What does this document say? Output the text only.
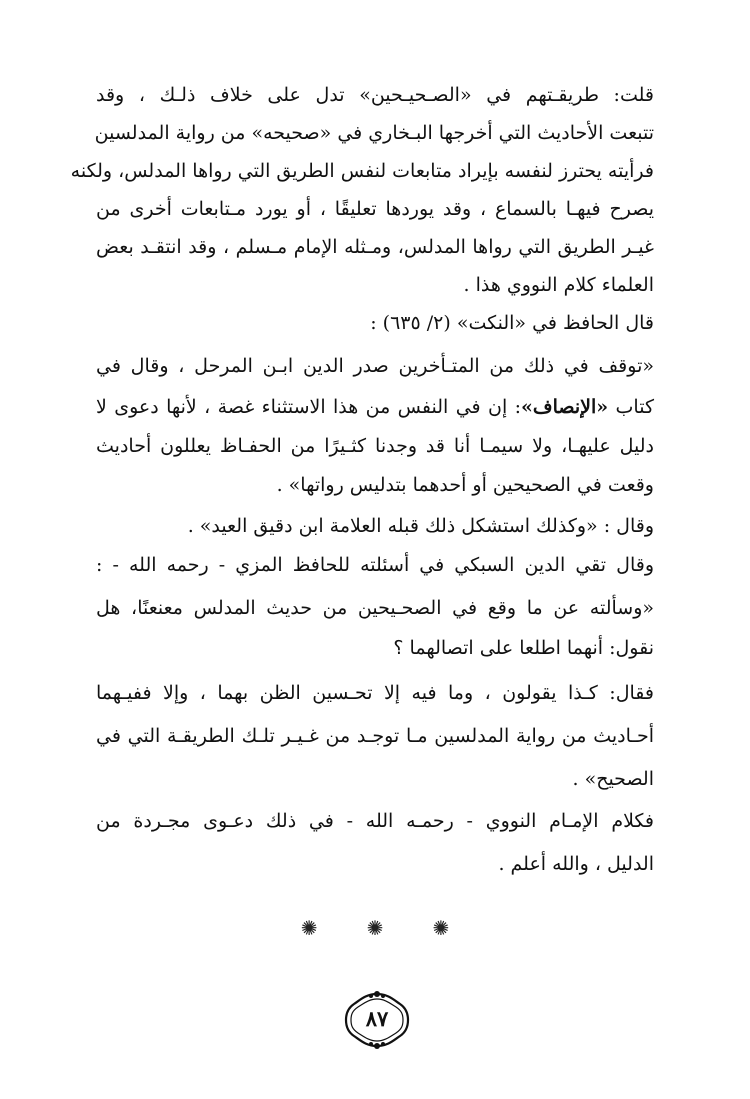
قلت: طريقـتهم في «الصـحيـحين» تدل على خلاف ذلـك ، وقد
تتبعت الأحاديث التي أخرجها البـخاري في «صحيحه» من رواية المدلسين
فرأيته يحترز لنفسه بإيراد متابعات لنفس الطريق التي رواها المدلس، ولكنه
يصرح فيهـا بالسماع ، وقد يوردها تعليقًا ، أو يورد مـتابعات أخرى من
غيـر الطريق التي رواها المدلس، ومـثله الإمام مـسلم ، وقد انتقـد بعض
العلماء كلام النووي هذا .
قال الحافظ في «النكت» (٢/ ٦٣٥) :
«توقف في ذلك من المتـأخرين صدر الدين ابـن المرحل ، وقال في
كتاب «الإنصاف»: إن في النفس من هذا الاستثناء غصة ، لأنها دعوى لا
دليل عليهـا، ولا سيمـا أنا قد وجدنا كثـيرًا من الحفـاظ يعللون أحاديث
وقعت في الصحيحين أو أحدهما بتدليس رواتها» .
وقال : «وكذلك استشكل ذلك قبله العلامة ابن دقيق العيد» .
وقال تقي الدين السبكي في أسئلته للحافظ المزي - رحمه الله - :
«وسألته عن ما وقع في الصحـيحين من حديث المدلس معنعنًا، هل
نقول: أنهما اطلعا على اتصالهما ؟
فقال: كـذا يقولون ، وما فيه إلا تحـسين الظن بهما ، وإلا ففيـهما
أحـاديث من رواية المدلسين مـا توجـد من غـيـر تلـك الطريقـة التي في
الصحيح» .
فكلام الإمـام النووي - رحمـه الله - في ذلك دعـوى مجـردة من
الدليل ، والله أعلم .
✺ ✺ ✺
٨٧
